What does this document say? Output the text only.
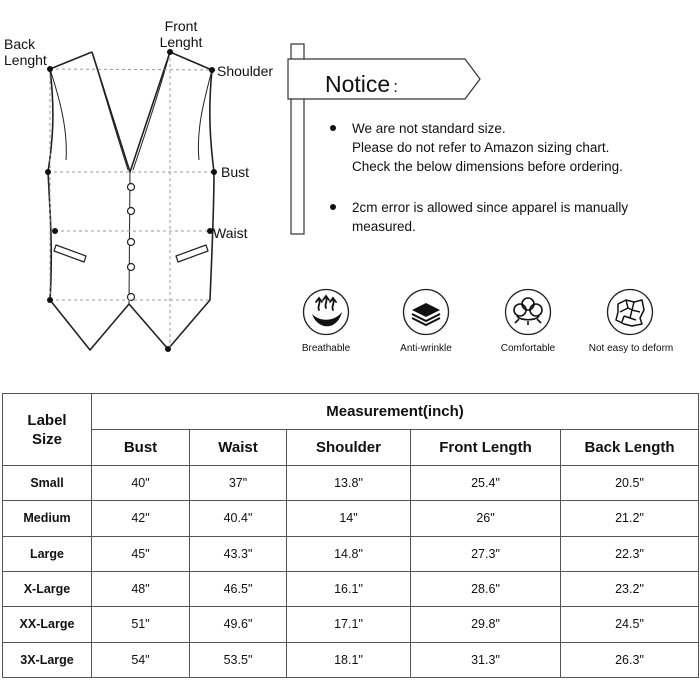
Back Lenght
Front Lenght
Shoulder
Bust
Waist
Notice :
We are not standard size.
Please do not refer to Amazon sizing chart.
Check the below dimensions before ordering.
2cm error is allowed since apparel is manually
measured.
Breathable	Anti-wrinkle	Comfortable	Not easy to deform
Label
Size	Measurement(inch)				
	Bust	Waist	Shoulder	Front Length	Back Length
Small	40"	37"	13.8"	25.4"	20.5"
Medium	42"	40.4"	14"	26"	21.2"
Large	45"	43.3"	14.8"	27.3"	22.3"
X-Large	48"	46.5"	16.1"	28.6"	23.2"
XX-Large	51"	49.6"	17.1"	29.8"	24.5"
3X-Large	54"	53.5"	18.1"	31.3"	26.3"
